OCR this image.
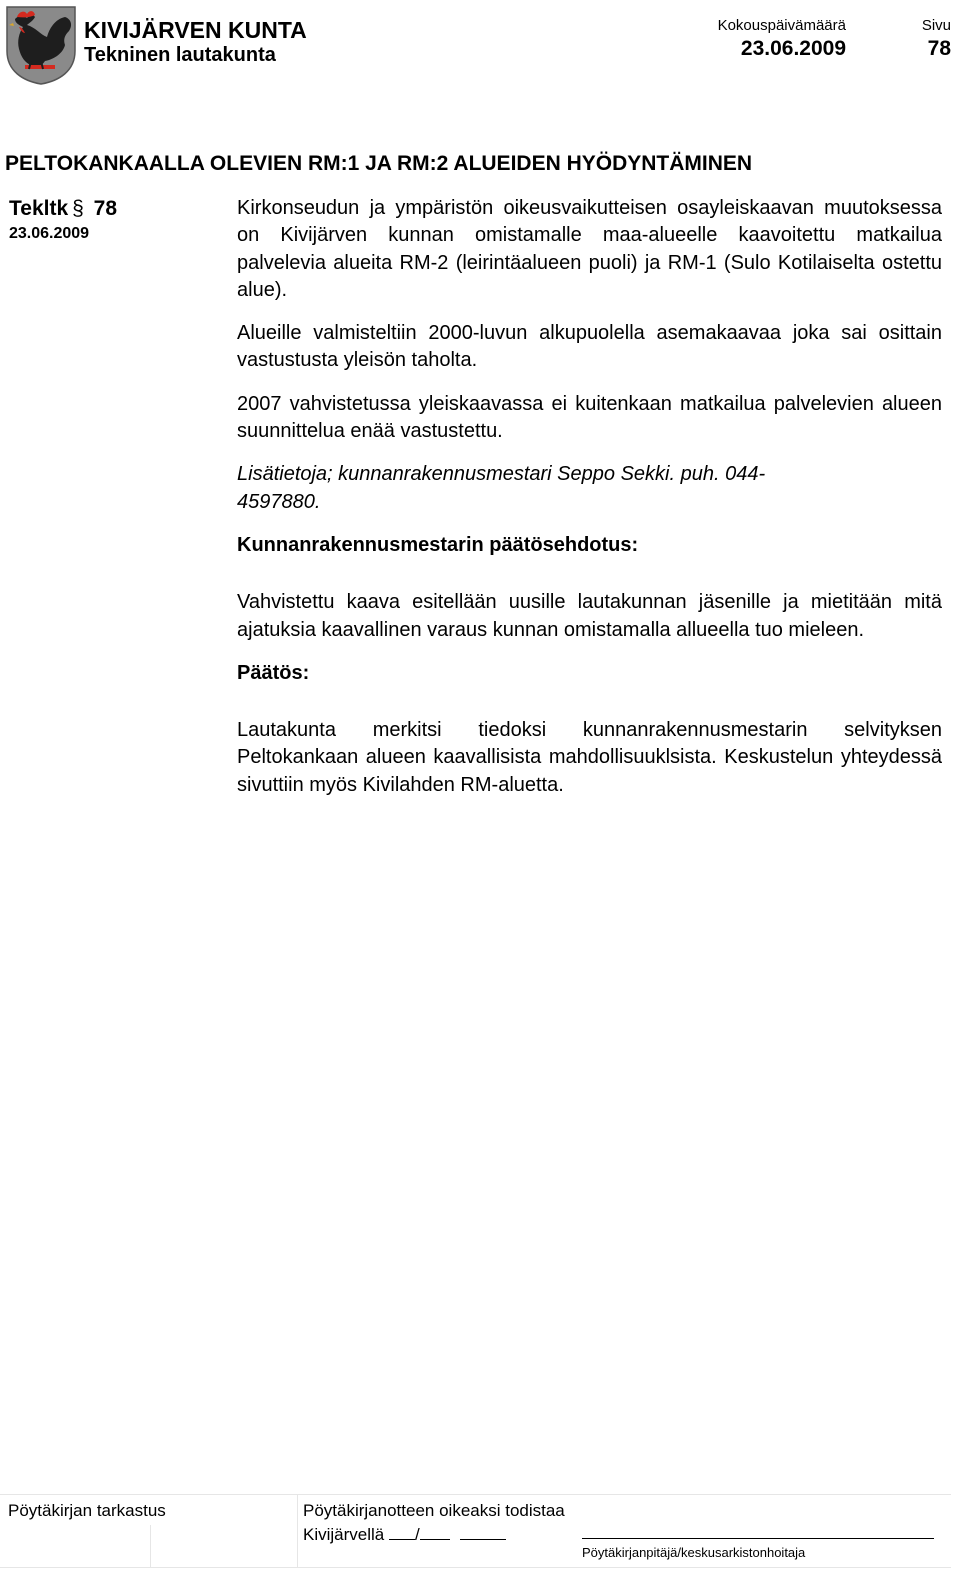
KIVIJÄRVEN KUNTA
Tekninen lautakunta
Kokouspäivämäärä
23.06.2009
Sivu
78
PELTOKANKAALLA OLEVIEN RM:1 JA RM:2 ALUEIDEN HYÖDYNTÄMINEN
Tekltk § 78
23.06.2009

Kirkonseudun ja ympäristön oikeusvaikutteisen osayleiskaavan muutoksessa on Kivijärven kunnan omistamalle maa-alueelle kaavoitettu matkailua palvelevia alueita RM-2 (leirintäalueen puoli) ja RM-1 (Sulo Kotilaiselta ostettu alue).

Alueille valmisteltiin 2000-luvun alkupuolella asemakaavaa joka sai osittain vastustusta yleisön taholta.

2007 vahvistetussa yleiskaavassa ei kuitenkaan matkailua palvelevien alueen suunnittelua enää vastustettu.

Lisätietoja; kunnanrakennusmestari Seppo Sekki. puh. 044-
4597880.

Kunnanrakennusmestarin päätösehdotus:

Vahvistettu kaava esitellään uusille lautakunnan jäsenille ja mietitään mitä ajatuksia kaavallinen varaus kunnan omistamalla allueella tuo mieleen.

Päätös:

Lautakunta merkitsi tiedoksi kunnanrakennusmestarin selvityksen Peltokankaan alueen kaavallisista mahdollisuuklsista. Keskustelun yhteydessä sivuttiin myös Kivilahden RM-aluetta.

Pöytäkirjan tarkastus	Pöytäkirjanotteen oikeaksi todistaa
Kivijärvellä /
Pöytäkirjanpitäjä/keskusarkistonhoitaja
